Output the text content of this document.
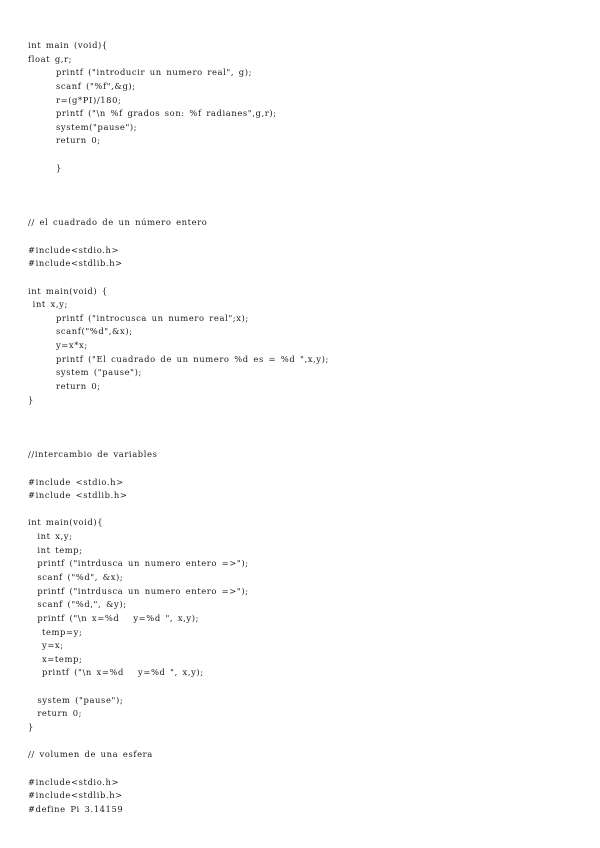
int main (void){
float g,r;
printf ("introducir un numero real", g);
scanf ("%f",&g);
r=(g*PI)/180;
printf ("\n %f grados son: %f radianes",g,r);
system("pause");
return 0;
}
// el cuadrado de un número entero
#include<stdio.h>
#include<stdlib.h>
int main(void) {
int x,y;
printf ("introcusca un numero real";x);
scanf("%d",&x);
y=x*x;
printf ("El cuadrado de un numero %d es = %d ",x,y);
system ("pause");
return 0;
}
//intercambio de variables
#include <stdio.h>
#include <stdlib.h>
int main(void){
int x,y;
int temp;
printf ("intrdusca un numero entero =>");
scanf ("%d", &x);
printf ("intrdusca un numero entero =>");
scanf ("%d,", &y);
printf ("\n x=%d   y=%d ", x,y);
temp=y;
y=x;
x=temp;
printf ("\n x=%d   y=%d ", x,y);
system ("pause");
return 0;
}
// volumen de una esfera
#include<stdio.h>
#include<stdlib.h>
#define Pi 3.14159
